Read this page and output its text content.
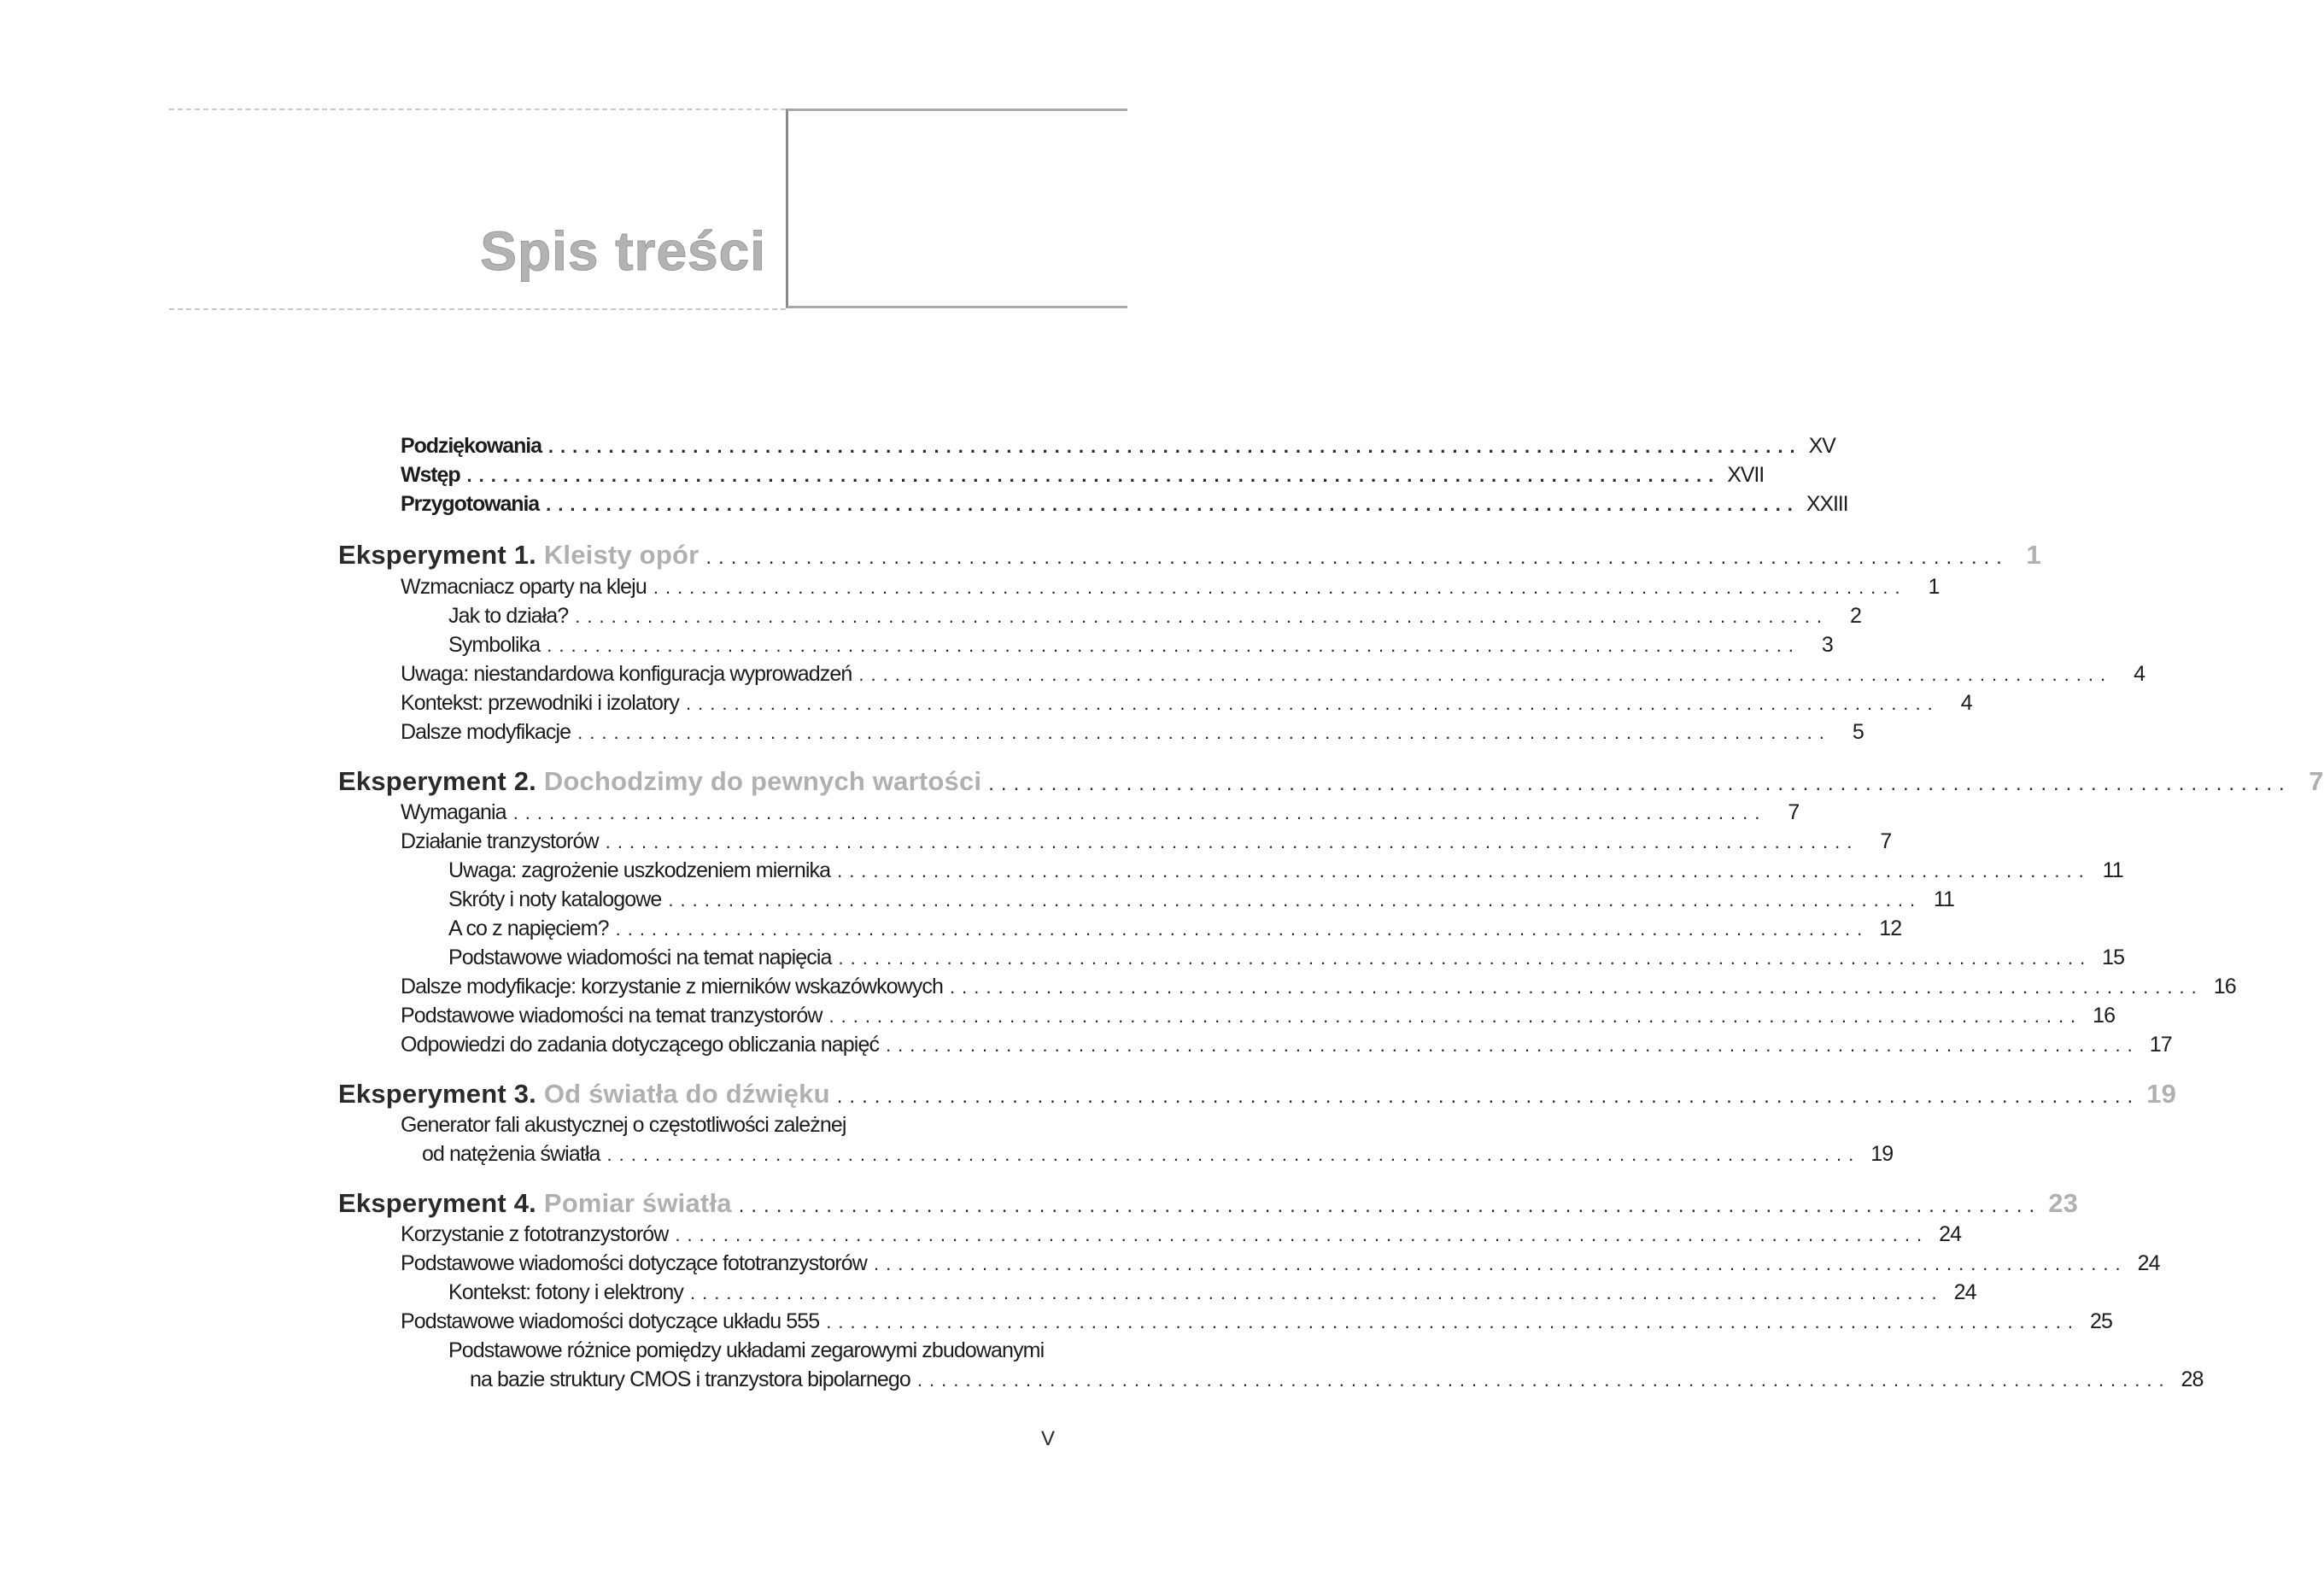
Spis treści
Podziękowania ........................................................................................................ XV
Wstęp ........................................................................................................ XVII
Przygotowania ........................................................................................................ XXIII
Eksperyment 1.
Kleisty opór ........................................................................................................ 1
Wzmacniacz oparty na kleju ........................................................................................................ 1
Jak to działa? ........................................................................................................ 2
Symbolika ........................................................................................................ 3
Uwaga: niestandardowa konfiguracja wyprowadzeń ........................................................................................................ 4
Kontekst: przewodniki i izolatory ........................................................................................................ 4
Dalsze modyfikacje ........................................................................................................ 5
Eksperyment 2.
Dochodzimy do pewnych wartości ........................................................................................................ 7
Wymagania ........................................................................................................ 7
Działanie tranzystorów ........................................................................................................ 7
Uwaga: zagrożenie uszkodzeniem miernika ........................................................................................................ 11
Skróty i noty katalogowe ........................................................................................................ 11
A co z napięciem? ........................................................................................................ 12
Podstawowe wiadomości na temat napięcia ........................................................................................................ 15
Dalsze modyfikacje: korzystanie z mierników wskazówkowych ........................................................................................................ 16
Podstawowe wiadomości na temat tranzystorów ........................................................................................................ 16
Odpowiedzi do zadania dotyczącego obliczania napięć ........................................................................................................ 17
Eksperyment 3.
Od światła do dźwięku ........................................................................................................ 19
Generator fali akustycznej o częstotliwości zależnej
od natężenia światła ........................................................................................................ 19
Eksperyment 4.
Pomiar światła ........................................................................................................ 23
Korzystanie z fototranzystorów ........................................................................................................ 24
Podstawowe wiadomości dotyczące fototranzystorów ........................................................................................................ 24
Kontekst: fotony i elektrony ........................................................................................................ 24
Podstawowe wiadomości dotyczące układu 555 ........................................................................................................ 25
Podstawowe różnice pomiędzy układami zegarowymi zbudowanymi
na bazie struktury CMOS i tranzystora bipolarnego ........................................................................................................ 28
V
